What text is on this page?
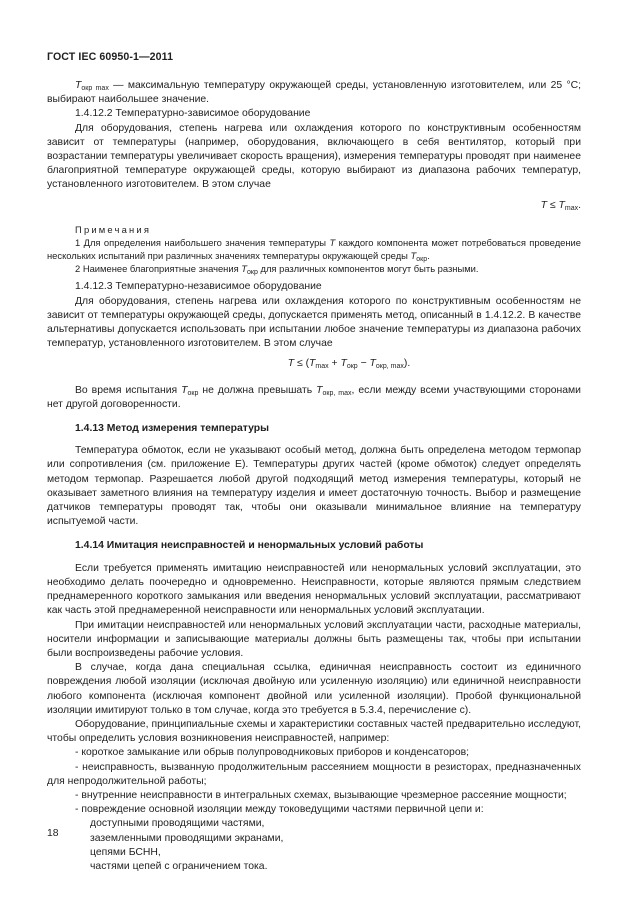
ГОСТ IEC 60950-1—2011

$T_{окр max}$ — максимальную температуру окружающей среды, установленную изготовителем, или 25 °С; выбирают наибольшее значение.

1.4.12.2 Температурно-зависимое оборудование

Для оборудования, степень нагрева или охлаждения которого по конструктивным особенностям зависит от температуры (например, оборудования, включающего в себя вентилятор, который при возрастании температуры увеличивает скорость вращения), измерения температуры проводят при наименее благоприятной температуре окружающей среды, которую выбирают из диапазона рабочих температур, установленного изготовителем. В этом случае

$T \le T_{max}$.

Примечания

1 Для определения наибольшего значения температуры T каждого компонента может потребоваться проведение нескольких испытаний при различных значениях температуры окружающей среды $T_{окр}$.

2 Наименее благоприятные значения $T_{окр}$ для различных компонентов могут быть разными.

1.4.12.3 Температурно-независимое оборудование

Для оборудования, степень нагрева или охлаждения которого по конструктивным особенностям не зависит от температуры окружающей среды, допускается применять метод, описанный в 1.4.12.2. В качестве альтернативы допускается использовать при испытании любое значение температуры из диапазона рабочих температур, установленного изготовителем. В этом случае

$T \le (T_{max} + T_{окр} - T_{окр, max})$.

Во время испытания $T_{окр}$ не должна превышать $T_{окр, max}$, если между всеми участвующими сторонами нет другой договоренности.

1.4.13 Метод измерения температуры

Температура обмоток, если не указывают особый метод, должна быть определена методом термопар или сопротивления (см. приложение Е). Температуры других частей (кроме обмоток) следует определять методом термопар. Разрешается любой другой подходящий метод измерения температуры, который не оказывает заметного влияния на температуру изделия и имеет достаточную точность. Выбор и размещение датчиков температуры проводят так, чтобы они оказывали минимальное влияние на температуру испытуемой части.

1.4.14 Имитация неисправностей и ненормальных условий работы

Если требуется применять имитацию неисправностей или ненормальных условий эксплуатации, это необходимо делать поочередно и одновременно. Неисправности, которые являются прямым следствием преднамеренного короткого замыкания или введения ненормальных условий эксплуатации, рассматривают как часть этой преднамеренной неисправности или ненормальных условий эксплуатации.

При имитации неисправностей или ненормальных условий эксплуатации части, расходные материалы, носители информации и записывающие материалы должны быть размещены так, чтобы при испытании были воспроизведены рабочие условия.

В случае, когда дана специальная ссылка, единичная неисправность состоит из единичного повреждения любой изоляции (исключая двойную или усиленную изоляцию) или единичной неисправности любого компонента (исключая компонент двойной или усиленной изоляции). Пробой функциональной изоляции имитируют только в том случае, когда это требуется в 5.3.4, перечисление с).

Оборудование, принципиальные схемы и характеристики составных частей предварительно исследуют, чтобы определить условия возникновения неисправностей, например:

- короткое замыкание или обрыв полупроводниковых приборов и конденсаторов;

- неисправность, вызванную продолжительным рассеянием мощности в резисторах, предназначенных для непродолжительной работы;

- внутренние неисправности в интегральных схемах, вызывающие чрезмерное рассеяние мощности;

- повреждение основной изоляции между токоведущими частями первичной цепи и:

доступными проводящими частями,

заземленными проводящими экранами,

цепями БСНН,

частями цепей с ограничением тока.

18
